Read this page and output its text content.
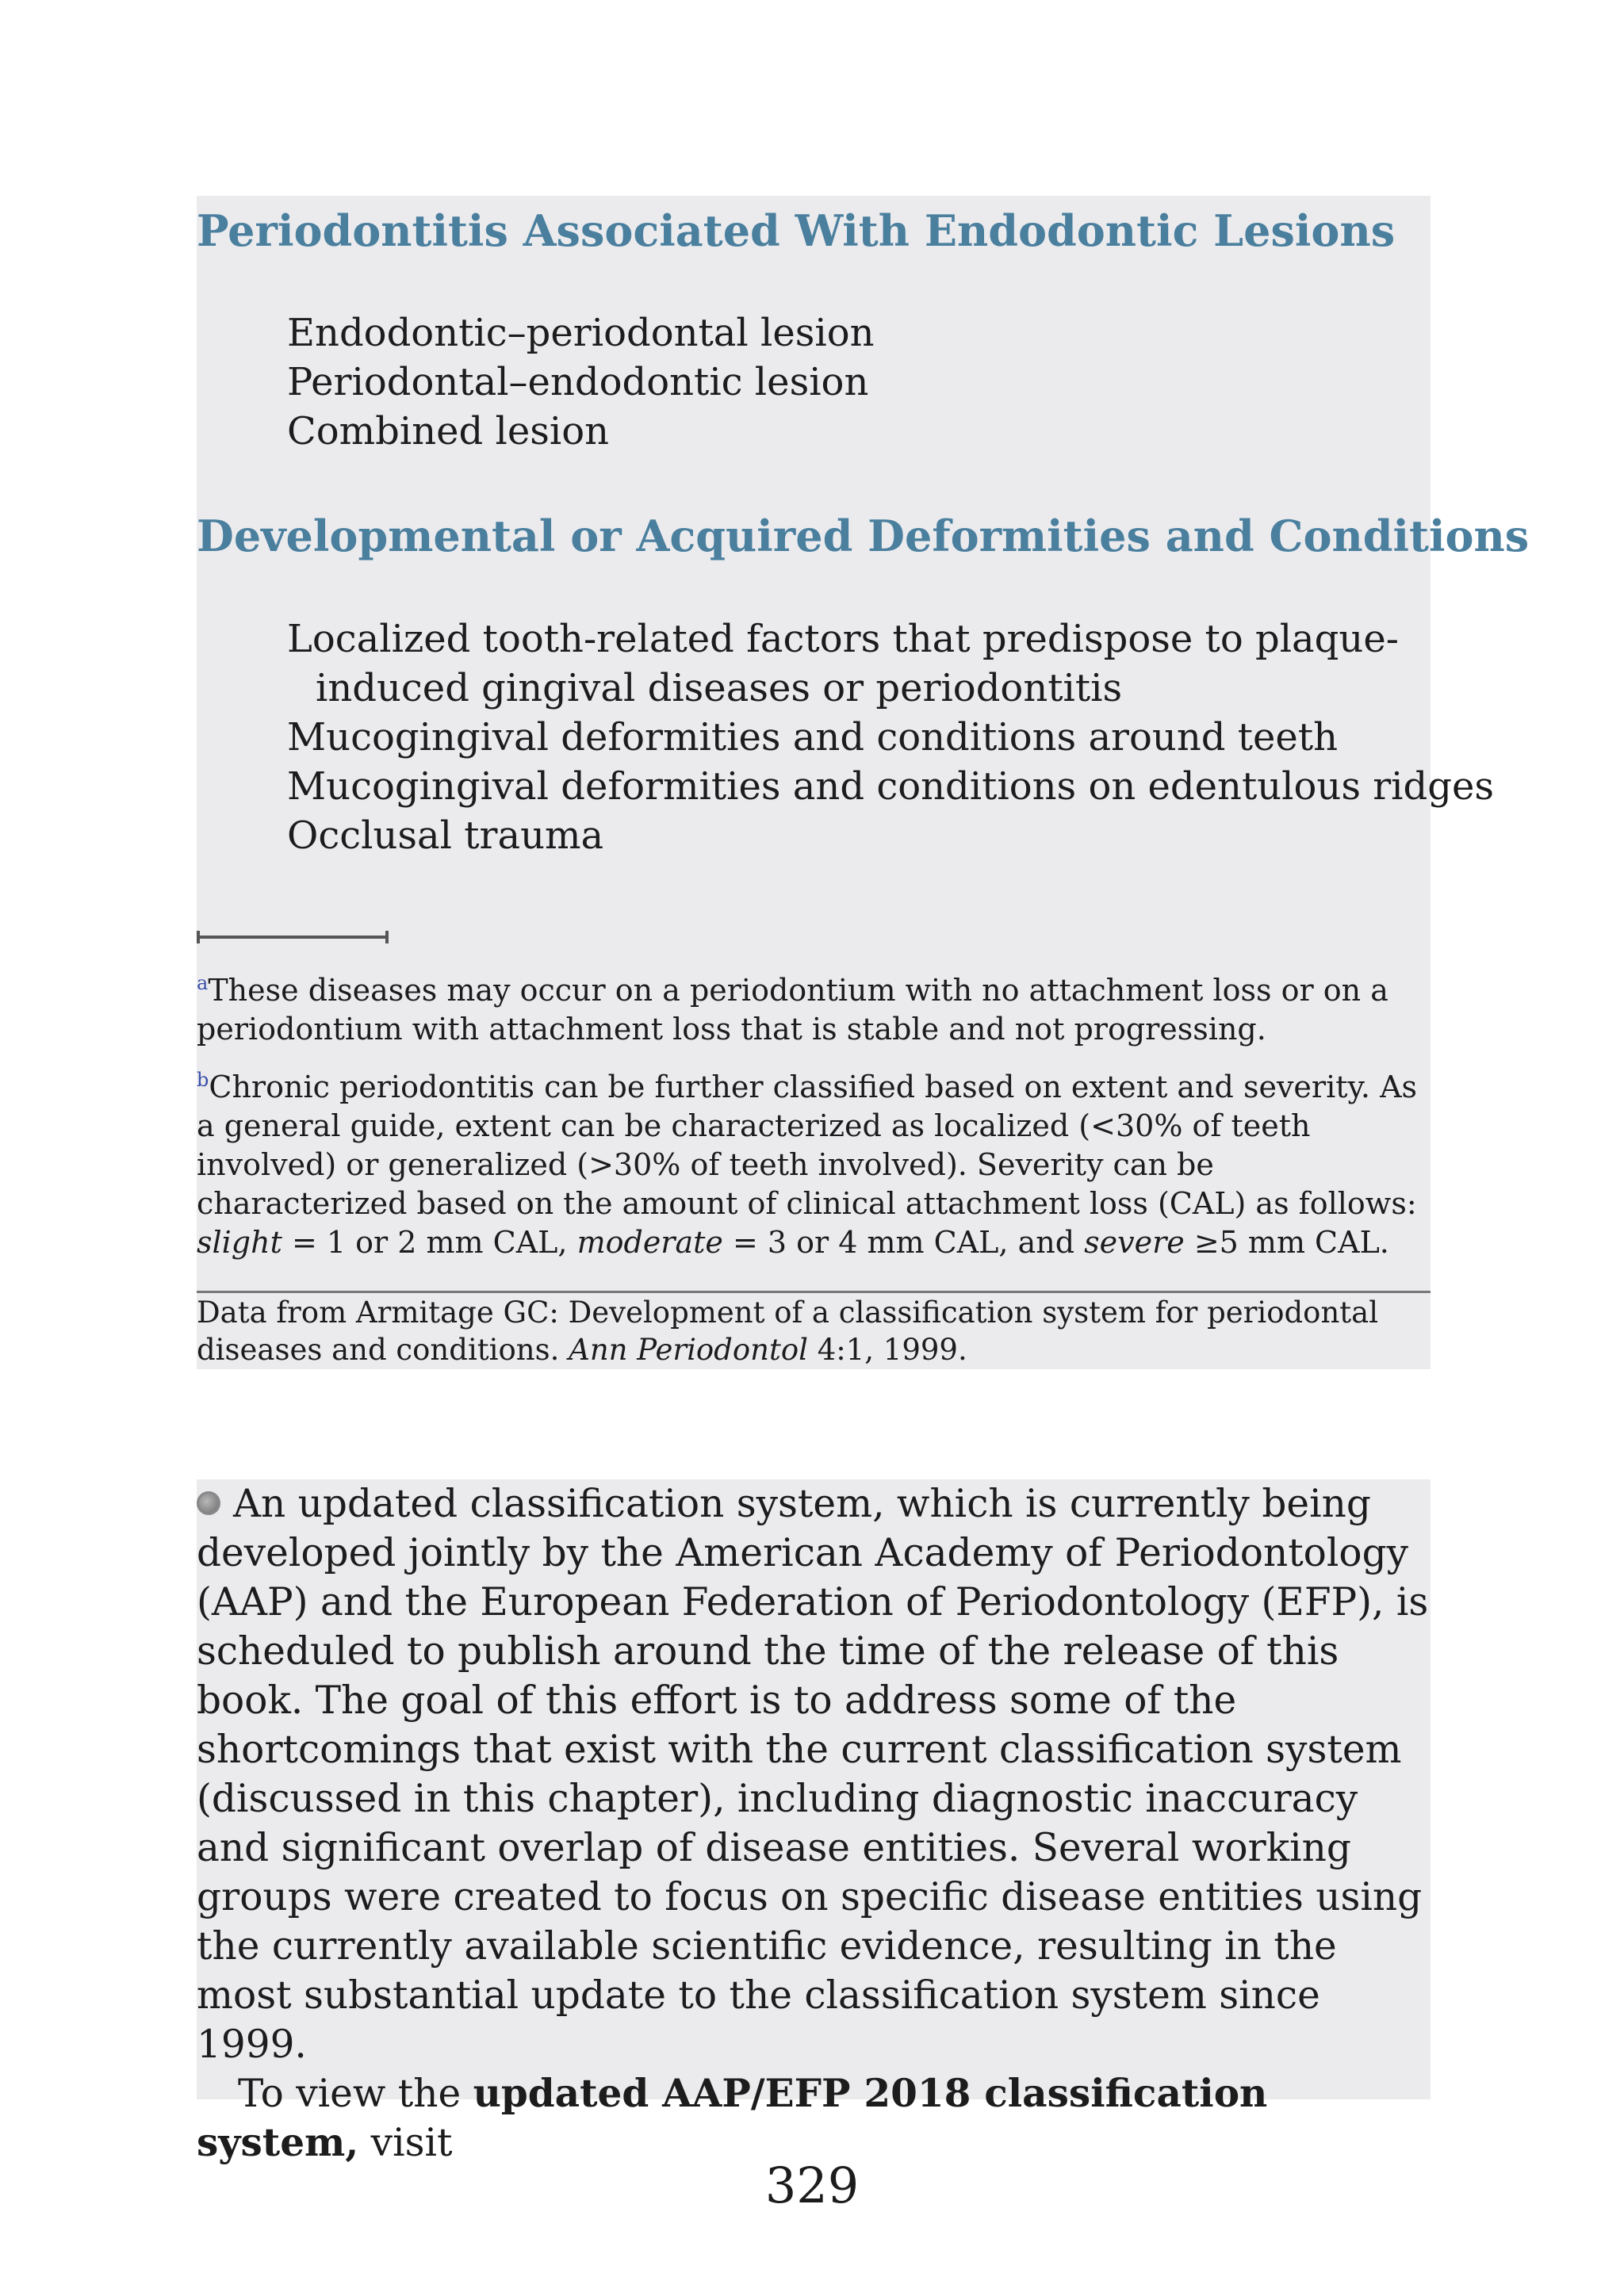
Periodontitis Associated With Endodontic Lesions
Endodontic–periodontal lesion
Periodontal–endodontic lesion
Combined lesion
Developmental or Acquired Deformities and Conditions
Localized tooth-related factors that predispose to plaque-
induced gingival diseases or periodontitis
Mucogingival deformities and conditions around teeth
Mucogingival deformities and conditions on edentulous ridges
Occlusal trauma

$^a$These diseases may occur on a periodontium with no attachment loss or on a periodontium with attachment loss that is stable and not progressing.

$^b$Chronic periodontitis can be further classified based on extent and severity. As a general guide, extent can be characterized as localized (<30% of teeth involved) or generalized (>30% of teeth involved). Severity can be characterized based on the amount of clinical attachment loss (CAL) as follows: slight = 1 or 2 mm CAL, moderate = 3 or 4 mm CAL, and severe ≥5 mm CAL.

Data from Armitage GC: Development of a classification system for periodontal diseases and conditions. Ann Periodontol 4:1, 1999.

An updated classification system, which is currently being developed jointly by the American Academy of Periodontology (AAP) and the European Federation of Periodontology (EFP), is scheduled to publish around the time of the release of this book. The goal of this effort is to address some of the shortcomings that exist with the current classification system (discussed in this chapter), including diagnostic inaccuracy and significant overlap of disease entities. Several working groups were created to focus on specific disease entities using the currently available scientific evidence, resulting in the most substantial update to the classification system since 1999.

To view the updated AAP/EFP 2018 classification system, visit

329
